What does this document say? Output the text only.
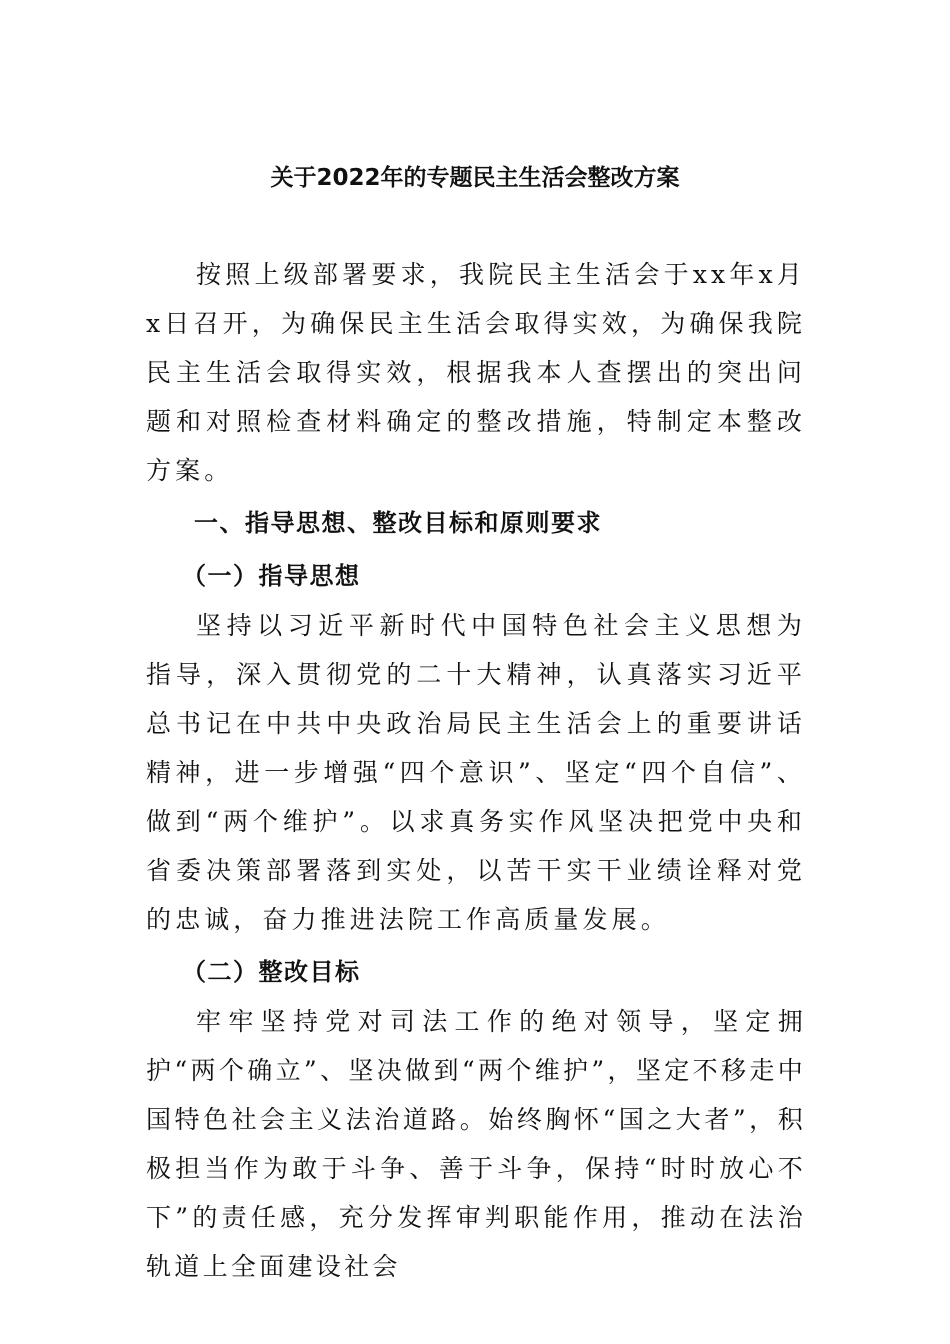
关于2022年的专题民主生活会整改方案

按照上级部署要求，我院民主生活会于xx年x月x日召开，为确保民主生活会取得实效，为确保我院民主生活会取得实效，根据我本人查摆出的突出问题和对照检查材料确定的整改措施，特制定本整改方案。

一、指导思想、整改目标和原则要求

（一）指导思想

坚持以习近平新时代中国特色社会主义思想为指导，深入贯彻党的二十大精神，认真落实习近平总书记在中共中央政治局民主生活会上的重要讲话精神，进一步增强“四个意识”、坚定“四个自信”、做到“两个维护”。以求真务实作风坚决把党中央和省委决策部署落到实处，以苦干实干业绩诠释对党的忠诚，奋力推进法院工作高质量发展。

（二）整改目标

牢牢坚持党对司法工作的绝对领导，坚定拥护“两个确立”、坚决做到“两个维护”，坚定不移走中国特色社会主义法治道路。始终胸怀“国之大者”，积极担当作为敢于斗争、善于斗争，保持“时时放心不下”的责任感，充分发挥审判职能作用，推动在法治轨道上全面建设社会
